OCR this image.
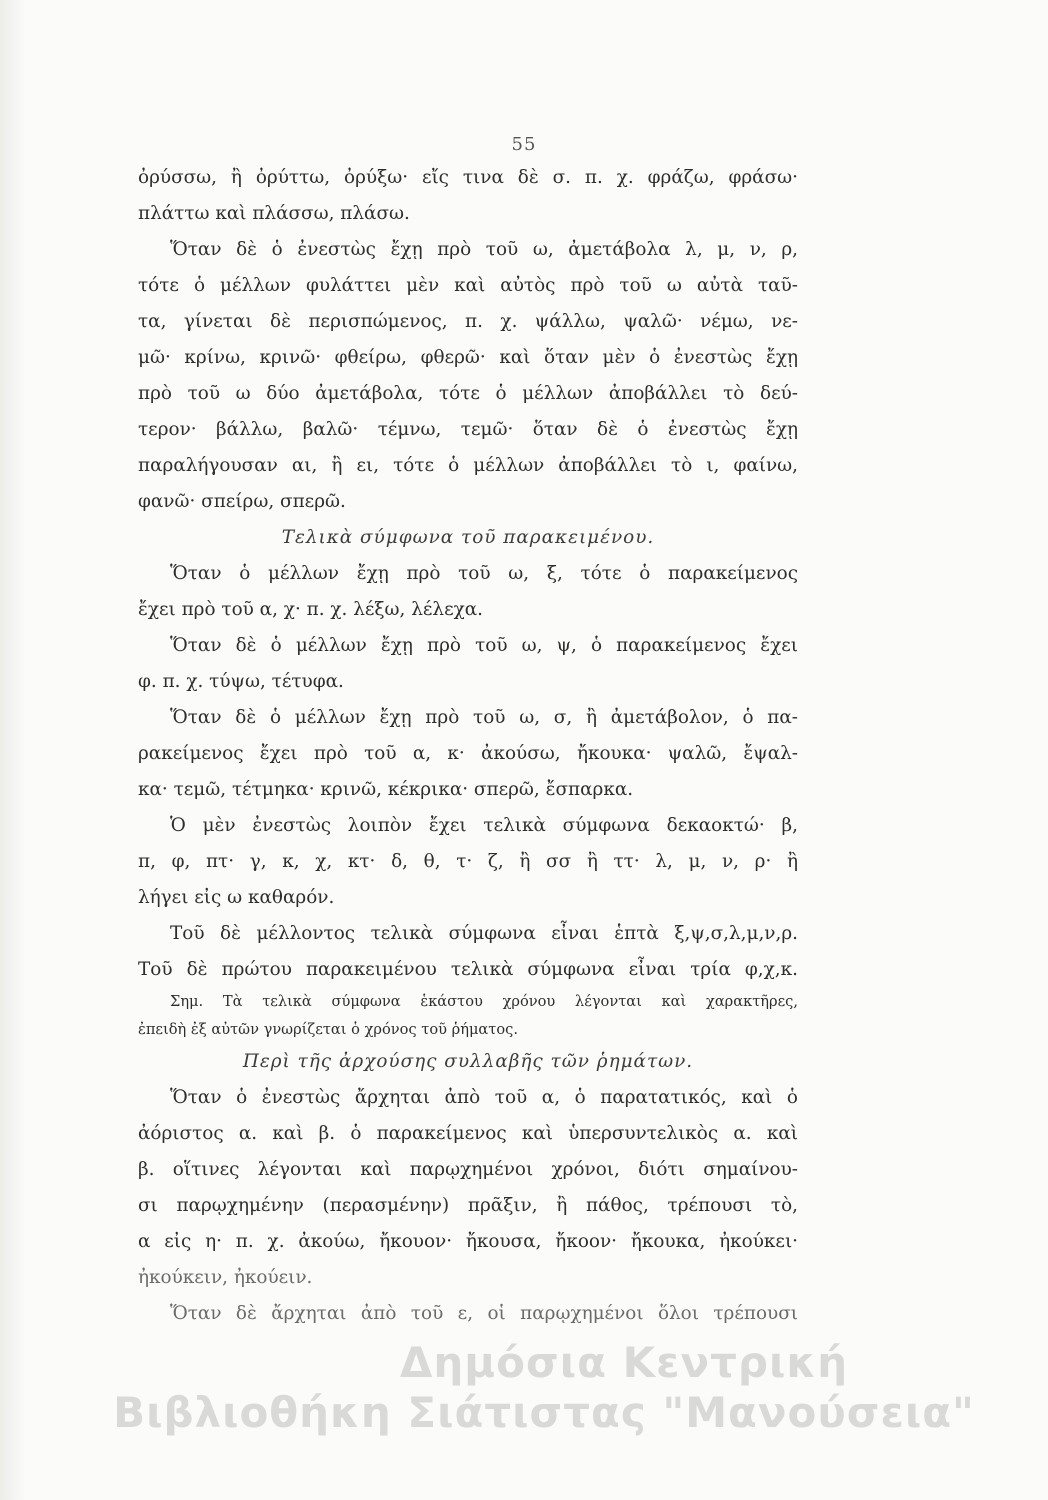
55
ὀρύσσω, ἢ ὀρύττω, ὀρύξω· εἴς τινα δὲ σ. π. χ. φράζω, φράσω·
πλάττω καὶ πλάσσω, πλάσω.
Ὅταν δὲ ὁ ἐνεστὼς ἔχῃ πρὸ τοῦ ω, ἀμετάβολα λ, μ, ν, ρ,
τότε ὁ μέλλων φυλάττει μὲν καὶ αὐτὸς πρὸ τοῦ ω αὐτὰ ταῦ-
τα, γίνεται δὲ περισπώμενος, π. χ. ψάλλω, ψαλῶ· νέμω, νε-
μῶ· κρίνω, κρινῶ· φθείρω, φθερῶ· καὶ ὅταν μὲν ὁ ἐνεστὼς ἔχῃ
πρὸ τοῦ ω δύο ἀμετάβολα, τότε ὁ μέλλων ἀποβάλλει τὸ δεύ-
τερον· βάλλω, βαλῶ· τέμνω, τεμῶ· ὅταν δὲ ὁ ἐνεστὼς ἔχῃ
παραλήγουσαν αι, ἢ ει, τότε ὁ μέλλων ἀποβάλλει τὸ ι, φαίνω,
φανῶ· σπείρω, σπερῶ.
Τελικὰ σύμφωνα τοῦ παρακειμένου.
Ὅταν ὁ μέλλων ἔχῃ πρὸ τοῦ ω, ξ, τότε ὁ παρακείμενος
ἔχει πρὸ τοῦ α, χ· π. χ. λέξω, λέλεχα.
Ὅταν δὲ ὁ μέλλων ἔχῃ πρὸ τοῦ ω, ψ, ὁ παρακείμενος ἔχει
φ. π. χ. τύψω, τέτυφα.
Ὅταν δὲ ὁ μέλλων ἔχῃ πρὸ τοῦ ω, σ, ἢ ἀμετάβολον, ὁ πα-
ρακείμενος ἔχει πρὸ τοῦ α, κ· ἀκούσω, ἤκουκα· ψαλῶ, ἔψαλ-
κα· τεμῶ, τέτμηκα· κρινῶ, κέκρικα· σπερῶ, ἔσπαρκα.
Ὁ μὲν ἐνεστὼς λοιπὸν ἔχει τελικὰ σύμφωνα δεκαοκτώ· β,
π, φ, πτ· γ, κ, χ, κτ· δ, θ, τ· ζ, ἢ σσ ἢ ττ· λ, μ, ν, ρ· ἢ
λήγει εἰς ω καθαρόν.
Τοῦ δὲ μέλλοντος τελικὰ σύμφωνα εἶναι ἑπτὰ ξ,ψ,σ,λ,μ,ν,ρ.
Τοῦ δὲ πρώτου παρακειμένου τελικὰ σύμφωνα εἶναι τρία φ,χ,κ.
Σημ. Τὰ τελικὰ σύμφωνα ἑκάστου χρόνου λέγονται καὶ χαρακτῆρες,
ἐπειδὴ ἐξ αὐτῶν γνωρίζεται ὁ χρόνος τοῦ ῥήματος.
Περὶ τῆς ἀρχούσης συλλαβῆς τῶν ῥημάτων.
Ὅταν ὁ ἐνεστὼς ἄρχηται ἀπὸ τοῦ α, ὁ παρατατικός, καὶ ὁ
ἀόριστος α. καὶ β. ὁ παρακείμενος καὶ ὑπερσυντελικὸς α. καὶ
β. οἵτινες λέγονται καὶ παρῳχημένοι χρόνοι, διότι σημαίνου-
σι παρῳχημένην (περασμένην) πρᾶξιν, ἢ πάθος, τρέπουσι τὸ,
α εἰς η· π. χ. ἀκούω, ἤκουον· ἤκουσα, ἤκοον· ἤκουκα, ἠκούκει·
ἠκούκειν, ἠκούειν.
Ὅταν δὲ ἄρχηται ἀπὸ τοῦ ε, οἱ παρῳχημένοι ὅλοι τρέπουσι
Δημόσια Κεντρική
Βιβλιοθήκη Σιάτιστας "Μανούσεια"
